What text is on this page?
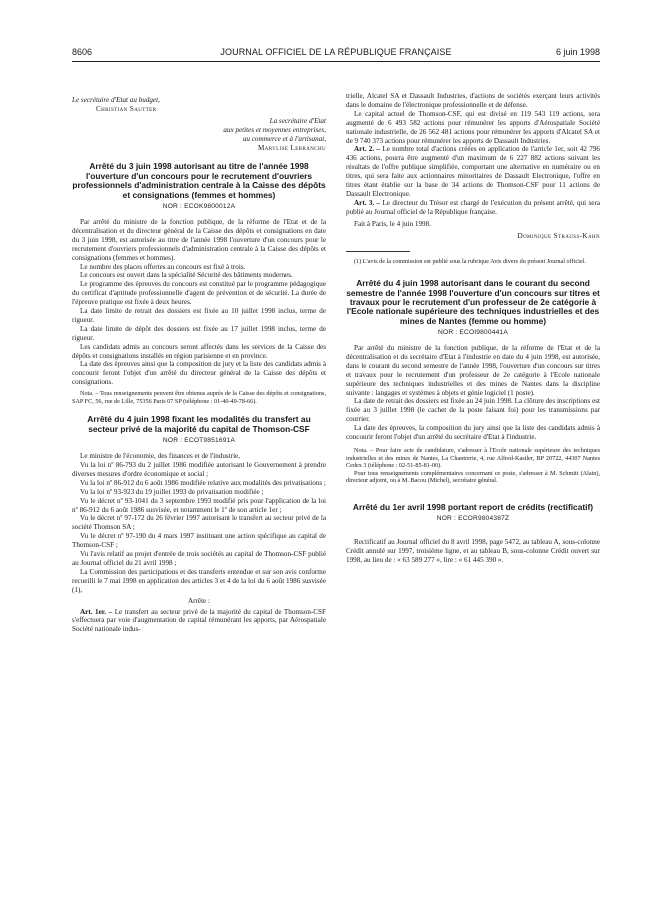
8606	JOURNAL OFFICIEL DE LA RÉPUBLIQUE FRANÇAISE	6 juin 1998
Le secrétaire d'Etat au budget,
Christian Sautter
La secrétaire d'Etat
aux petites et moyennes entreprises,
au commerce et à l'artisanat,
Marylise Lebranchu
Arrêté du 3 juin 1998 autorisant au titre de l'année 1998 l'ouverture d'un concours pour le recrutement d'ouvriers professionnels d'administration centrale à la Caisse des dépôts et consignations (femmes et hommes)
NOR : ECOK9800012A

Par arrêté du ministre de la fonction publique, de la réforme de l'Etat et de la décentralisation et du directeur général de la Caisse des dépôts et consignations en date du 3 juin 1998, est autorisée au titre de l'année 1998 l'ouverture d'un concours pour le recrutement d'ouvriers professionnels d'administration centrale à la Caisse des dépôts et consignations (femmes et hommes).

Le nombre des places offertes au concours est fixé à trois.

Le concours est ouvert dans la spécialité Sécurité des bâtiments modernes.

Le programme des épreuves du concours est constitué par le programme pédagogique du certificat d'aptitude professionnelle d'agent de prévention et de sécurité. La durée de l'épreuve pratique est fixée à deux heures.

La date limite de retrait des dossiers est fixée au 10 juillet 1998 inclus, terme de rigueur.

La date limite de dépôt des dossiers est fixée au 17 juillet 1998 inclus, terme de rigueur.

Les candidats admis au concours seront affectés dans les services de la Caisse des dépôts et consignations installés en région parisienne et en province.

La date des épreuves ainsi que la composition du jury et la liste des candidats admis à concourir feront l'objet d'un arrêté du directeur général de la Caisse des dépôts et consignations.

Nota. – Tous renseignements peuvent être obtenus auprès de la Caisse des dépôts et consignations, SAP FC, 56, rue de Lille, 75356 Paris 07 SP (téléphone : 01-40-49-78-66).

Arrêté du 4 juin 1998 fixant les modalités du transfert au secteur privé de la majorité du capital de Thomson-CSF
NOR : ECOT9851691A

Le ministre de l'économie, des finances et de l'industrie,

Vu la loi nº 86-793 du 2 juillet 1986 modifiée autorisant le Gouvernement à prendre diverses mesures d'ordre économique et social ;

Vu la loi nº 86-912 du 6 août 1986 modifiée relative aux modalités des privatisations ;

Vu la loi nº 93-923 du 19 juillet 1993 de privatisation modifiée ;

Vu le décret nº 93-1041 du 3 septembre 1993 modifié pris pour l'application de la loi nº 86-912 du 6 août 1986 susvisée, et notamment le 1º de son article 1er ;

Vu le décret nº 97-172 du 26 février 1997 autorisant le transfert au secteur privé de la société Thomson SA ;

Vu le décret nº 97-190 du 4 mars 1997 instituant une action spécifique au capital de Thomson-CSF ;

Vu l'avis relatif au projet d'entrée de trois sociétés au capital de Thomson-CSF publié au Journal officiel du 21 avril 1998 ;

La Commission des participations et des transferts entendue et sur son avis conforme recueilli le 7 mai 1998 en application des articles 3 et 4 de la loi du 6 août 1986 susvisée (1),

Arrête :

Art. 1er. – Le transfert au secteur privé de la majorité du capital de Thomson-CSF s'effectuera par voie d'augmentation de capital rémunérant les apports, par Aérospatiale Société nationale indus-

trielle, Alcatel SA et Dassault Industries, d'actions de sociétés exerçant leurs activités dans le domaine de l'électronique professionnelle et de défense.

Le capital actuel de Thomson-CSF, qui est divisé en 119 543 119 actions, sera augmenté de 6 493 582 actions pour rémunérer les apports d'Aérospatiale Société nationale industrielle, de 26 562 481 actions pour rémunérer les apports d'Alcatel SA et de 9 740 373 actions pour rémunérer les apports de Dassault Industries.

Art. 2. – Le nombre total d'actions créées en application de l'article 1er, soit 42 796 436 actions, pourra être augmenté d'un maximum de 6 227 882 actions suivant les résultats de l'offre publique simplifiée, comportant une alternative en numéraire ou en titres, qui sera faite aux actionnaires minoritaires de Dassault Electronique, l'offre en titres étant établie sur la base de 34 actions de Thomson-CSF pour 11 actions de Dassault Electronique.

Art. 3. – Le directeur du Trésor est chargé de l'exécution du présent arrêté, qui sera publié au Journal officiel de la République française.

Fait à Paris, le 4 juin 1998.

Dominique Strauss-Kahn

(1) L'avis de la commission est publié sous la rubrique Avis divers du présent Journal officiel.

Arrêté du 4 juin 1998 autorisant dans le courant du second semestre de l'année 1998 l'ouverture d'un concours sur titres et travaux pour le recrutement d'un professeur de 2e catégorie à l'Ecole nationale supérieure des techniques industrielles et des mines de Nantes (femme ou homme)
NOR : ECOI9800441A

Par arrêté du ministre de la fonction publique, de la réforme de l'Etat et de la décentralisation et du secrétaire d'Etat à l'industrie en date du 4 juin 1998, est autorisée, dans le courant du second semestre de l'année 1998, l'ouverture d'un concours sur titres et travaux pour le recrutement d'un professeur de 2e catégorie à l'Ecole nationale supérieure des techniques industrielles et des mines de Nantes dans la discipline suivante : langages et systèmes à objets et génie logiciel (1 poste).

La date de retrait des dossiers est fixée au 24 juin 1998. La clôture des inscriptions est fixée au 3 juillet 1998 (le cachet de la poste faisant foi) pour les transmissions par courrier.

La date des épreuves, la composition du jury ainsi que la liste des candidats admis à concourir feront l'objet d'un arrêté du secrétaire d'Etat à l'industrie.

Nota. – Pour faire acte de candidature, s'adresser à l'Ecole nationale supérieure des techniques industrielles et des mines de Nantes, La Chantrerie, 4, rue Alfred-Kastler, BP 20722, 44307 Nantes Cedex 3 (téléphone : 02-51-85-81-00).

Pour tous renseignements complémentaires concernant ce poste, s'adresser à M. Schmitt (Alain), directeur adjoint, ou à M. Bacou (Michel), secrétaire général.

Arrêté du 1er avril 1998 portant report de crédits (rectificatif)
NOR : ECOR9804387Z

Rectificatif au Journal officiel du 8 avril 1998, page 5472, au tableau A, sous-colonne Crédit annulé sur 1997, troisième ligne, et au tableau B, sous-colonne Crédit ouvert sur 1998, au lieu de : « 63 589 277 », lire : « 61 445 390 ».
